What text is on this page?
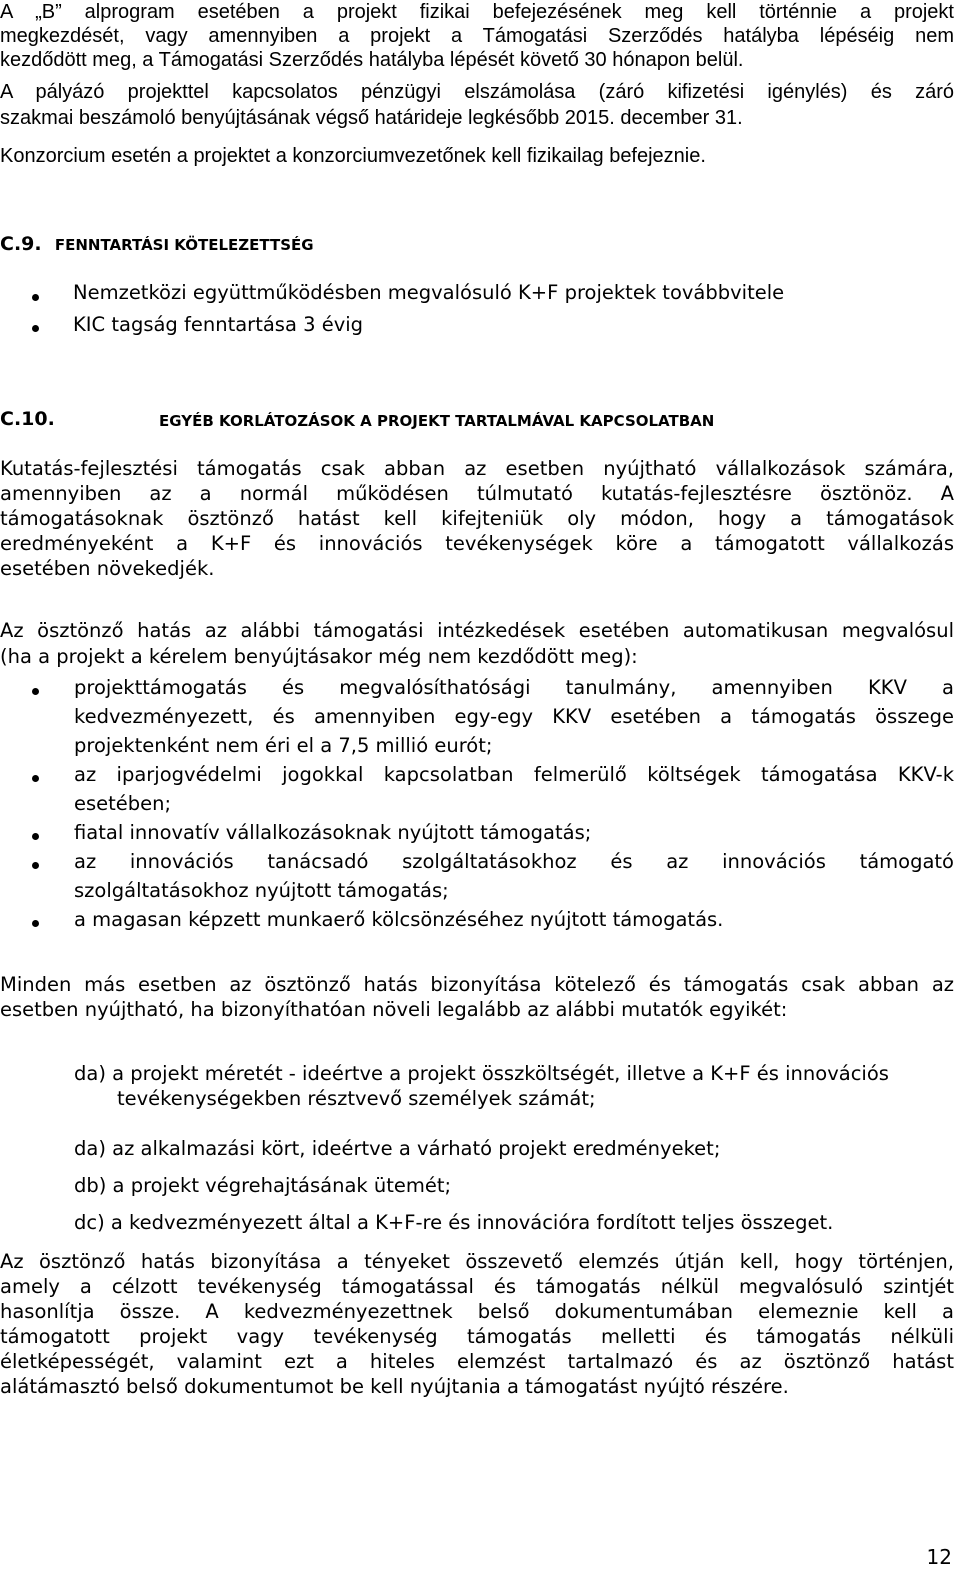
A „B” alprogram esetében a projekt fizikai befejezésének meg kell történnie a projekt
megkezdését, vagy amennyiben a projekt a Támogatási Szerződés hatályba lépéséig nem
kezdődött meg, a Támogatási Szerződés hatályba lépését követő 30 hónapon belül.
A pályázó projekttel kapcsolatos pénzügyi elszámolása (záró kifizetési igénylés) és záró
szakmai beszámoló benyújtásának végső határideje legkésőbb 2015. december 31.
Konzorcium esetén a projektet a konzorciumvezetőnek kell fizikailag befejeznie.
C.9. FENNTARTÁSI KÖTELEZETTSÉG
Nemzetközi együttműködésben megvalósuló K+F projektek továbbvitele
KIC tagság fenntartása 3 évig
C.10.	EGYÉB KORLÁTOZÁSOK A PROJEKT TARTALMÁVAL KAPCSOLATBAN
Kutatás-fejlesztési támogatás csak abban az esetben nyújtható vállalkozások számára,
amennyiben az a normál működésen túlmutató kutatás-fejlesztésre ösztönöz. A
támogatásoknak ösztönző hatást kell kifejteniük oly módon, hogy a támogatások
eredményeként a K+F és innovációs tevékenységek köre a támogatott vállalkozás
esetében növekedjék.
Az ösztönző hatás az alábbi támogatási intézkedések esetében automatikusan megvalósul
(ha a projekt a kérelem benyújtásakor még nem kezdődött meg):
projekttámogatás és megvalósíthatósági tanulmány, amennyiben KKV a
kedvezményezett, és amennyiben egy-egy KKV esetében a támogatás összege
projektenként nem éri el a 7,5 millió eurót;
az iparjogvédelmi jogokkal kapcsolatban felmerülő költségek támogatása KKV-k
esetében;
fiatal innovatív vállalkozásoknak nyújtott támogatás;
az innovációs tanácsadó szolgáltatásokhoz és az innovációs támogató
szolgáltatásokhoz nyújtott támogatás;
a magasan képzett munkaerő kölcsönzéséhez nyújtott támogatás.
Minden más esetben az ösztönző hatás bizonyítása kötelező és támogatás csak abban az
esetben nyújtható, ha bizonyíthatóan növeli legalább az alábbi mutatók egyikét:
da) a projekt méretét - ideértve a projekt összköltségét, illetve a K+F és innovációs
tevékenységekben résztvevő személyek számát;
da) az alkalmazási kört, ideértve a várható projekt eredményeket;
db) a projekt végrehajtásának ütemét;
dc) a kedvezményezett által a K+F-re és innovációra fordított teljes összeget.
Az ösztönző hatás bizonyítása a tényeket összevető elemzés útján kell, hogy történjen,
amely a célzott tevékenység támogatással és támogatás nélkül megvalósuló szintjét
hasonlítja össze. A kedvezményezettnek belső dokumentumában elemeznie kell a
támogatott projekt vagy tevékenység támogatás melletti és támogatás nélküli
életképességét, valamint ezt a hiteles elemzést tartalmazó és az ösztönző hatást
alátámasztó belső dokumentumot be kell nyújtania a támogatást nyújtó részére.
12
